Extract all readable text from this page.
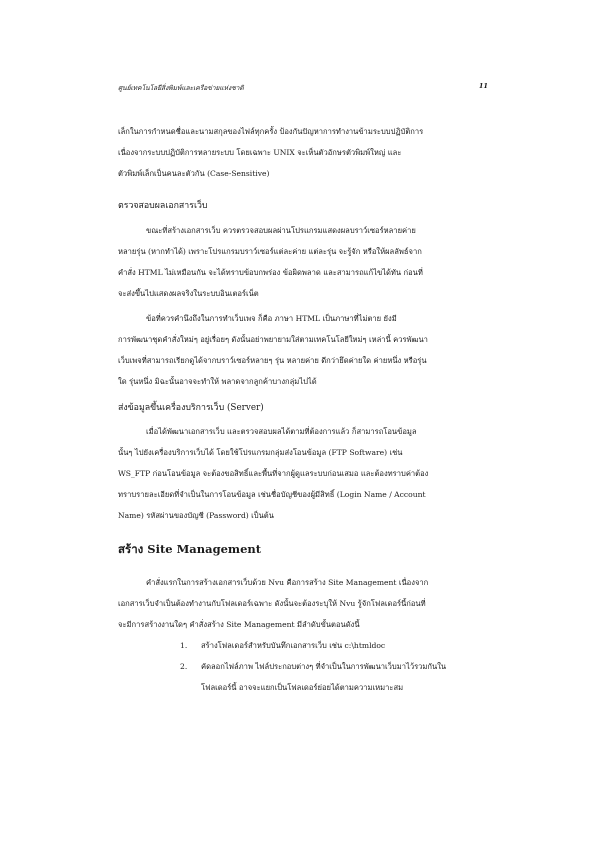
ศูนย์เทคโนโลยีสิ่งพิมพ์และเครือข่ายแห่งชาติ	11
เล็กในการกำหนดชื่อและนามสกุลของไฟล์ทุกครั้ง ป้องกันปัญหาการทำงานข้ามระบบปฏิบัติการ
เนื่องจากระบบปฏิบัติการหลายระบบ โดยเฉพาะ UNIX จะเห็นตัวอักษรตัวพิมพ์ใหญ่ และ
ตัวพิมพ์เล็กเป็นคนละตัวกัน (Case-Sensitive)
ตรวจสอบผลเอกสารเว็บ
ขณะที่สร้างเอกสารเว็บ ควรตรวจสอบผลผ่านโปรแกรมแสดงผลบราว์เซอร์หลายค่าย
หลายรุ่น (หากทำได้) เพราะโปรแกรมบราว์เซอร์แต่ละค่าย แต่ละรุ่น จะรู้จัก หรือให้ผลลัพธ์จาก
คำสั่ง HTML ไม่เหมือนกัน จะได้ทราบข้อบกพร่อง ข้อผิดพลาด และสามารถแก้ไขได้ทัน ก่อนที่
จะส่งขึ้นไปแสดงผลจริงในระบบอินเตอร์เน็ต
ข้อที่ควรคำนึงถึงในการทำเว็บเพจ ก็คือ ภาษา HTML เป็นภาษาที่ไม่ตาย ยังมี
การพัฒนาชุดคำสั่งใหม่ๆ อยู่เรื่อยๆ ดังนั้นอย่าพยายามใส่ตามเทคโนโลยีใหม่ๆ เหล่านี้ ควรพัฒนา
เว็บเพจที่สามารถเรียกดูได้จากบราว์เซอร์หลายๆ รุ่น หลายค่าย ดีกว่ายึดค่ายใด ค่ายหนึ่ง หรือรุ่น
ใด รุ่นหนึ่ง มิฉะนั้นอาจจะทำให้ พลาดจากลูกค้าบางกลุ่มไปได้
ส่งข้อมูลขึ้นเครื่องบริการเว็บ (Server)
เมื่อได้พัฒนาเอกสารเว็บ และตรวจสอบผลได้ตามที่ต้องการแล้ว ก็สามารถโอนข้อมูล
นั้นๆ ไปยังเครื่องบริการเว็บได้ โดยใช้โปรแกรมกลุ่มส่งโอนข้อมูล (FTP Software) เช่น
WS_FTP ก่อนโอนข้อมูล จะต้องขอสิทธิ์และพื้นที่จากผู้ดูแลระบบก่อนเสมอ และต้องทราบค่าต้อง
ทราบรายละเอียดที่จำเป็นในการโอนข้อมูล เช่นชื่อบัญชีของผู้มีสิทธิ์ (Login Name / Account
Name) รหัสผ่านของบัญชี (Password) เป็นต้น
สร้าง Site Management
คำสั่งแรกในการสร้างเอกสารเว็บด้วย Nvu คือการสร้าง Site Management เนื่องจาก
เอกสารเว็บจำเป็นต้องทำงานกับโฟลเดอร์เฉพาะ ดังนั้นจะต้องระบุให้ Nvu รู้จักโฟลเดอร์นี้ก่อนที่
จะมีการสร้างงานใดๆ คำสั่งสร้าง Site Management มีลำดับขั้นตอนดังนี้
1. สร้างโฟลเดอร์สำหรับบันทึกเอกสารเว็บ เช่น c:\htmldoc
2. คัดลอกไฟล์ภาพ ไฟล์ประกอบต่างๆ ที่จำเป็นในการพัฒนาเว็บมาไว้รวมกันใน
โฟลเดอร์นี้ อาจจะแยกเป็นโฟลเดอร์ย่อยได้ตามความเหมาะสม
